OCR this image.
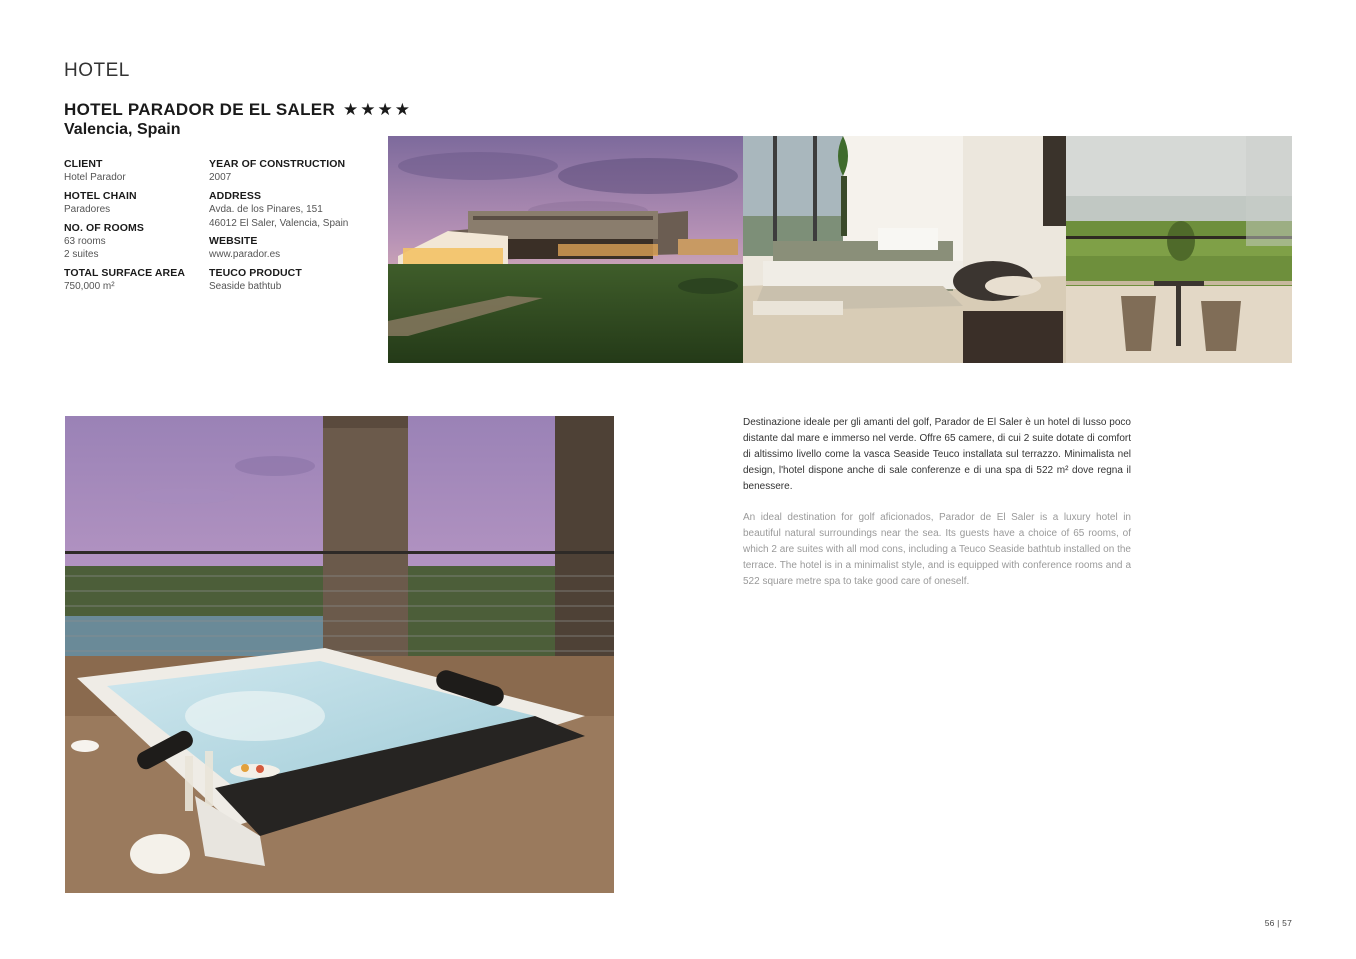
HOTEL
HOTEL PARADOR DE EL SALER ★★★★
Valencia, Spain
CLIENT
Hotel Parador
HOTEL CHAIN
Paradores
NO. OF ROOMS
63 rooms
2 suites
TOTAL SURFACE AREA
750,000 m²
YEAR OF CONSTRUCTION
2007
ADDRESS
Avda. de los Pinares, 151
46012 El Saler, Valencia, Spain
WEBSITE
www.parador.es
TEUCO PRODUCT
Seaside bathtub
Destinazione ideale per gli amanti del golf, Parador de El Saler è un hotel di lusso poco distante dal mare e immerso nel verde. Offre 65 camere, di cui 2 suite dotate di comfort di altissimo livello come la vasca Seaside Teuco installata sul terrazzo. Minimalista nel design, l'hotel dispone anche di sale conferenze e di una spa di 522 m² dove regna il benessere.
An ideal destination for golf aficionados, Parador de El Saler is a luxury hotel in beautiful natural surroundings near the sea. Its guests have a choice of 65 rooms, of which 2 are suites with all mod cons, including a Teuco Seaside bathtub installed on the terrace. The hotel is in a minimalist style, and is equipped with conference rooms and a 522 square metre spa to take good care of oneself.
56 | 57
